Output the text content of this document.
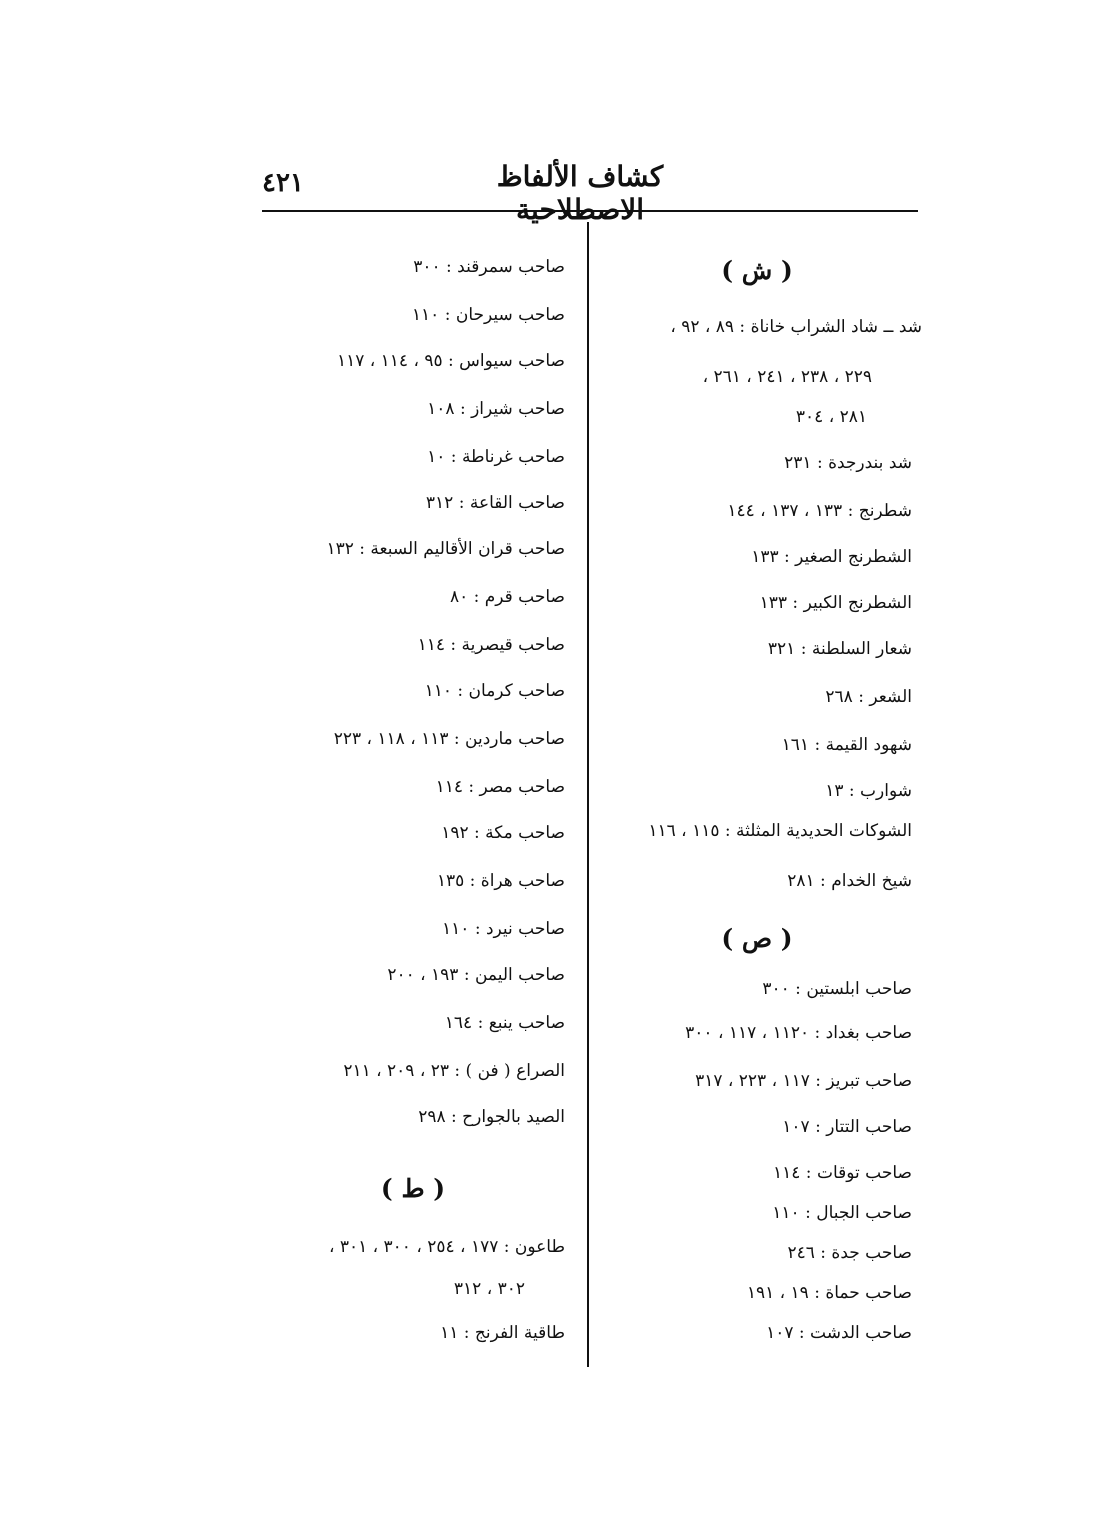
كشاف الألفاظ الاصطلاحية
٤٢١
( ش )
شد ــ شاد الشراب خاناة : ٨٩ ، ٩٢ ،
٢٢٩ ، ٢٣٨ ، ٢٤١ ، ٢٦١ ،
٢٨١ ، ٣٠٤
شد بندرجدة : ٢٣١
شطرنج : ١٣٣ ، ١٣٧ ، ١٤٤
الشطرنج الصغير : ١٣٣
الشطرنج الكبير : ١٣٣
شعار السلطنة : ٣٢١
الشعر : ٢٦٨
شهود القيمة : ١٦١
شوارب : ١٣
الشوكات الحديدية المثلثة : ١١٥ ، ١١٦
شيخ الخدام : ٢٨١
( ص )
صاحب ابلستين : ٣٠٠
صاحب بغداد : ١١٢٠ ، ١١٧ ، ٣٠٠
صاحب تبريز : ١١٧ ، ٢٢٣ ، ٣١٧
صاحب التتار : ١٠٧
صاحب توقات : ١١٤
صاحب الجبال : ١١٠
صاحب جدة : ٢٤٦
صاحب حماة : ١٩ ، ١٩١
صاحب الدشت : ١٠٧
صاحب سمرقند : ٣٠٠
صاحب سيرحان : ١١٠
صاحب سيواس : ٩٥ ، ١١٤ ، ١١٧
صاحب شيراز : ١٠٨
صاحب غرناطة : ١٠
صاحب القاعة : ٣١٢
صاحب قران الأقاليم السبعة : ١٣٢
صاحب قرم : ٨٠
صاحب قيصرية : ١١٤
صاحب كرمان : ١١٠
صاحب ماردين : ١١٣ ، ١١٨ ، ٢٢٣
صاحب مصر : ١١٤
صاحب مكة : ١٩٢
صاحب هراة : ١٣٥
صاحب نيرد : ١١٠
صاحب اليمن : ١٩٣ ، ٢٠٠
صاحب ينبع : ١٦٤
الصراع ( فن ) : ٢٣ ، ٢٠٩ ، ٢١١
الصيد بالجوارح : ٢٩٨
( ط )
طاعون : ١٧٧ ، ٢٥٤ ، ٣٠٠ ، ٣٠١ ،
٣٠٢ ، ٣١٢
طاقية الفرنج : ١١
